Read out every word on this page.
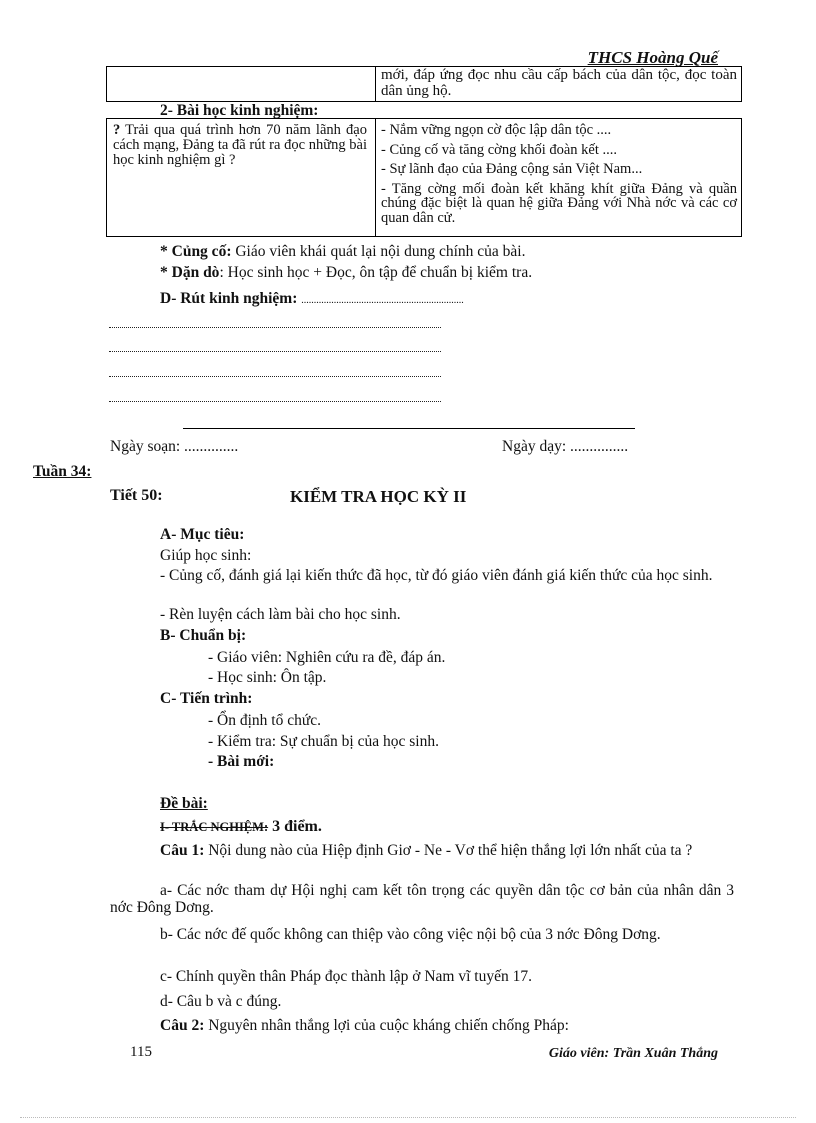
THCS Hoàng Quế
mới, đáp ứng đọc nhu cầu cấp bách của dân tộc, đọc toàn dân ủng hộ.
2- Bài học kinh nghiệm:
? Trải qua quá trình hơn 70 năm lãnh đạo cách mạng, Đảng ta đã rút ra đọc những bài học kinh nghiệm gì ?
- Nắm vững ngọn cờ độc lập dân tộc ....
- Củng cố và tăng cờng khối đoàn kết ....
- Sự lãnh đạo của Đảng cộng sản Việt Nam...
- Tăng cờng mối đoàn kết khăng khít giữa Đảng và quần chúng đặc biệt là quan hệ giữa Đảng với Nhà nớc và các cơ quan dân cử.
* Củng cố: Giáo viên khái quát lại nội dung chính của bài.
* Dặn dò: Học sinh học + Đọc, ôn tập để chuẩn bị kiểm tra.
D- Rút kinh nghiệm: .................................................................
Ngày soạn: ..............	Ngày dạy: ...............
Tuần 34:
Tiết 50:	KIỂM TRA HỌC KỲ II
A- Mục tiêu:
Giúp học sinh:
- Củng cố, đánh giá lại kiến thức đã học, từ đó giáo viên đánh giá kiến thức của học sinh.
- Rèn luyện cách làm bài cho học sinh.
B- Chuẩn bị:
- Giáo viên: Nghiên cứu ra đề, đáp án.
- Học sinh: Ôn tập.
C- Tiến trình:
- Ổn định tổ chức.
- Kiểm tra: Sự chuẩn bị của học sinh.
- Bài mới:
Đề bài:
I- TRẮC NGHIỆM: 3 điểm.
Câu 1: Nội dung nào của Hiệp định Giơ - Ne - Vơ thể hiện thắng lợi lớn nhất của ta ?
a- Các nớc tham dự Hội nghị cam kết tôn trọng các quyền dân tộc cơ bản của nhân dân 3 nớc Đông Dơng.
b- Các nớc đế quốc không can thiệp vào công việc nội bộ của 3 nớc Đông Dơng.
c- Chính quyền thân Pháp đọc thành lập ở Nam vĩ tuyến 17.
d- Câu b và c đúng.
Câu 2: Nguyên nhân thắng lợi của cuộc kháng chiến chống Pháp:
115	Giáo viên: Trần Xuân Thắng
